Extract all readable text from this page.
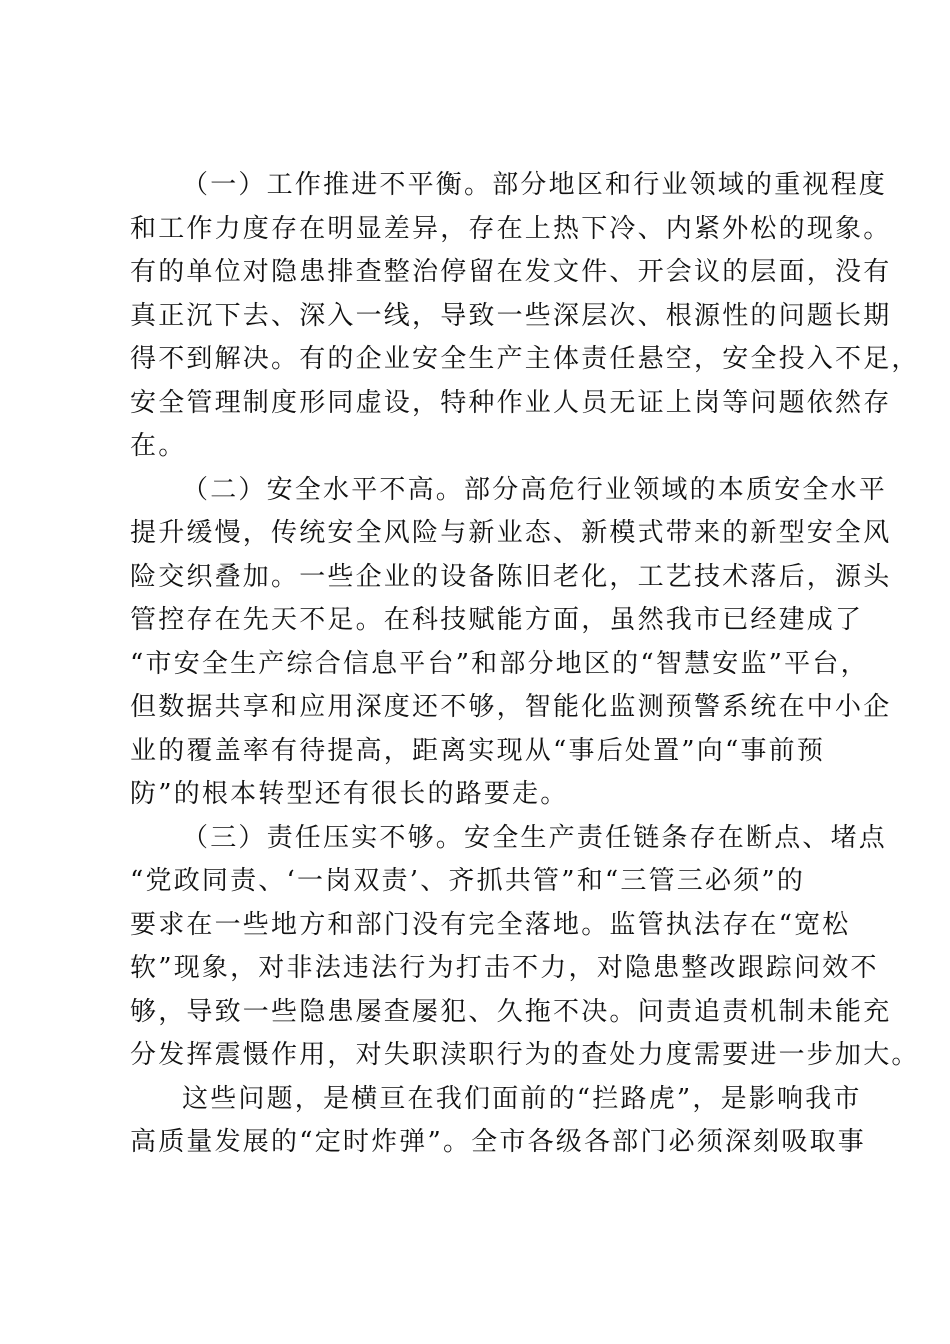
（一）工作推进不平衡。部分地区和行业领域的重视程度
和工作力度存在明显差异，存在上热下冷、内紧外松的现象。
有的单位对隐患排查整治停留在发文件、开会议的层面，没有
真正沉下去、深入一线，导致一些深层次、根源性的问题长期
得不到解决。有的企业安全生产主体责任悬空，安全投入不足，
安全管理制度形同虚设，特种作业人员无证上岗等问题依然存
在。
（二）安全水平不高。部分高危行业领域的本质安全水平
提升缓慢，传统安全风险与新业态、新模式带来的新型安全风
险交织叠加。一些企业的设备陈旧老化，工艺技术落后，源头
管控存在先天不足。在科技赋能方面，虽然我市已经建成了
“市安全生产综合信息平台”和部分地区的“智慧安监”平台，
但数据共享和应用深度还不够，智能化监测预警系统在中小企
业的覆盖率有待提高，距离实现从“事后处置”向“事前预
防”的根本转型还有很长的路要走。
（三）责任压实不够。安全生产责任链条存在断点、堵点
“党政同责、‘一岗双责’、齐抓共管”和“三管三必须”的
要求在一些地方和部门没有完全落地。监管执法存在“宽松
软”现象，对非法违法行为打击不力，对隐患整改跟踪问效不
够，导致一些隐患屡查屡犯、久拖不决。问责追责机制未能充
分发挥震慑作用，对失职渎职行为的查处力度需要进一步加大。
这些问题，是横亘在我们面前的“拦路虎”，是影响我市
高质量发展的“定时炸弹”。全市各级各部门必须深刻吸取事
